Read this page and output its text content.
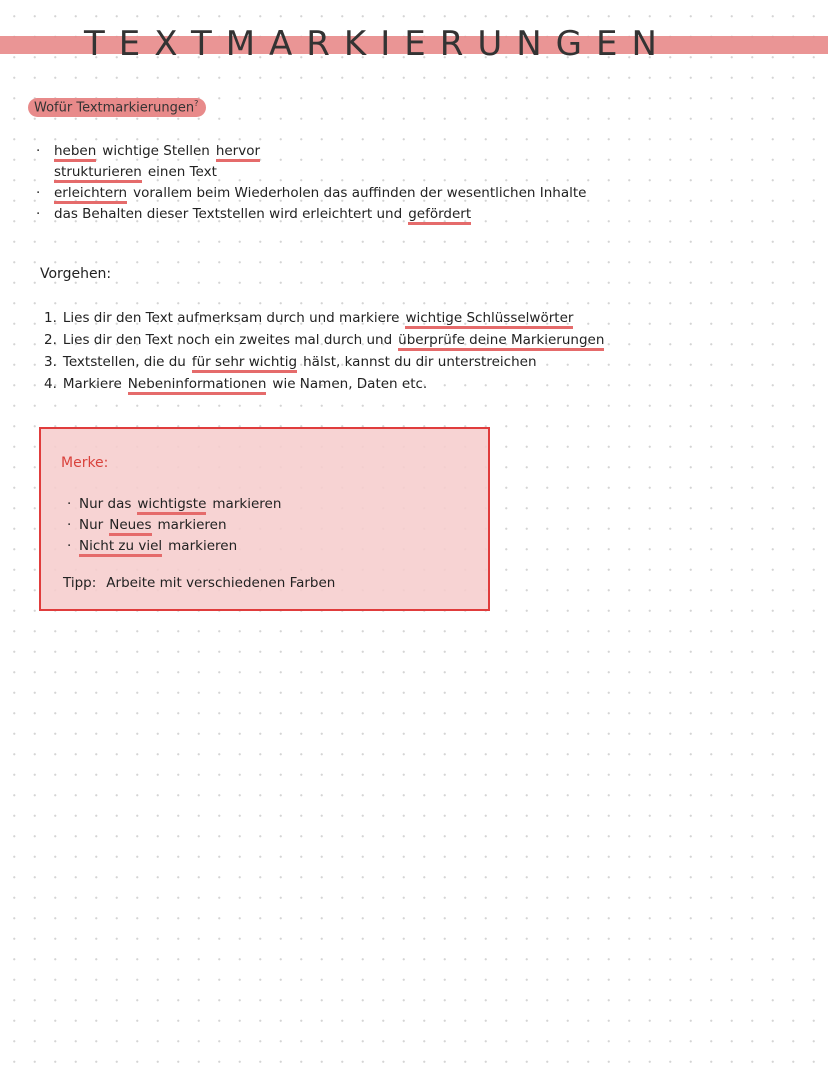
TEXTMARKIERUNGEN
Wofür Textmarkierungen?
· heben wichtige Stellen hervor
strukturieren einen Text
· erleichtern vorallem beim Wiederholen das auffinden der wesentlichen Inhalte
· das Behalten dieser Textstellen wird erleichtert und gefördert
Vorgehen:
1. Lies dir den Text aufmerksam durch und markiere wichtige Schlüsselwörter
2. Lies dir den Text noch ein zweites mal durch und überprüfe deine Markierungen
3. Textstellen, die du für sehr wichtig hälst, kannst du dir unterstreichen
4. Markiere Nebeninformationen wie Namen, Daten etc.
Merke:
· Nur das wichtigste markieren
· Nur Neues markieren
· Nicht zu viel markieren
Tipp: Arbeite mit verschiedenen Farben
